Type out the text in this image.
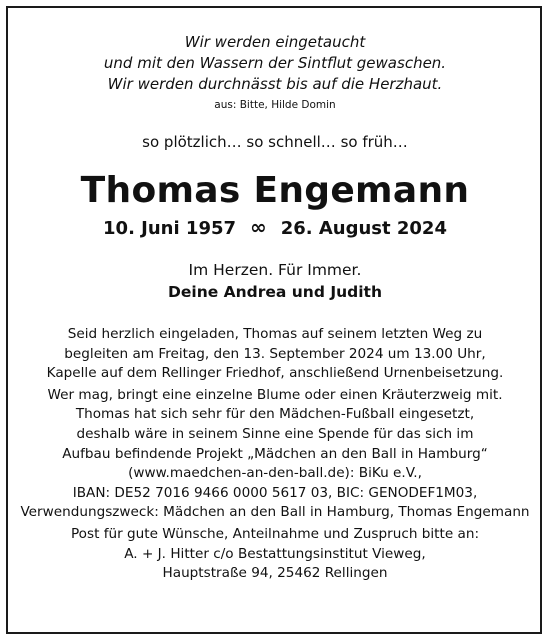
Wir werden eingetaucht
und mit den Wassern der Sintflut gewaschen.
Wir werden durchnässt bis auf die Herzhaut.
aus: Bitte, Hilde Domin
so plötzlich… so schnell… so früh…
Thomas Engemann
10. Juni 1957 ∞ 26. August 2024
Im Herzen. Für Immer.
Deine Andrea und Judith
Seid herzlich eingeladen, Thomas auf seinem letzten Weg zu
begleiten am Freitag, den 13. September 2024 um 13.00 Uhr,
Kapelle auf dem Rellinger Friedhof, anschließend Urnenbeisetzung.
Wer mag, bringt eine einzelne Blume oder einen Kräuterzweig mit.
Thomas hat sich sehr für den Mädchen-Fußball eingesetzt,
deshalb wäre in seinem Sinne eine Spende für das sich im
Aufbau befindende Projekt „Mädchen an den Ball in Hamburg“
(www.maedchen-an-den-ball.de): BiKu e.V.,
IBAN: DE52 7016 9466 0000 5617 03, BIC: GENODEF1M03,
Verwendungszweck: Mädchen an den Ball in Hamburg, Thomas Engemann
Post für gute Wünsche, Anteilnahme und Zuspruch bitte an:
A. + J. Hitter c/o Bestattungsinstitut Vieweg,
Hauptstraße 94, 25462 Rellingen
